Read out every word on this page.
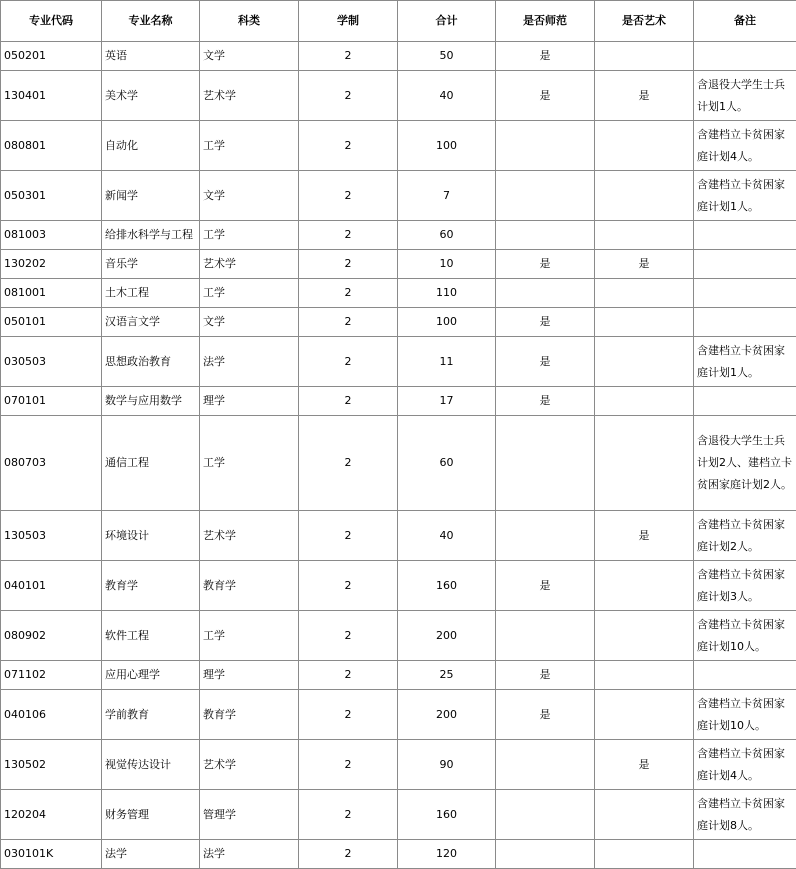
专业代码	专业名称	科类	学制	合计	是否师范	是否艺术	备注
050201	英语	文学	2	50	是		
130401	美术学	艺术学	2	40	是	是	含退役大学生士兵计划1人。
080801	自动化	工学	2	100			含建档立卡贫困家庭计划4人。
050301	新闻学	文学	2	7			含建档立卡贫困家庭计划1人。
081003	给排水科学与工程	工学	2	60			
130202	音乐学	艺术学	2	10	是	是	
081001	土木工程	工学	2	110			
050101	汉语言文学	文学	2	100	是		
030503	思想政治教育	法学	2	11	是		含建档立卡贫困家庭计划1人。
070101	数学与应用数学	理学	2	17	是		
080703	通信工程	工学	2	60			含退役大学生士兵计划2人、建档立卡贫困家庭计划2人。
130503	环境设计	艺术学	2	40		是	含建档立卡贫困家庭计划2人。
040101	教育学	教育学	2	160	是		含建档立卡贫困家庭计划3人。
080902	软件工程	工学	2	200			含建档立卡贫困家庭计划10人。
071102	应用心理学	理学	2	25	是		
040106	学前教育	教育学	2	200	是		含建档立卡贫困家庭计划10人。
130502	视觉传达设计	艺术学	2	90		是	含建档立卡贫困家庭计划4人。
120204	财务管理	管理学	2	160			含建档立卡贫困家庭计划8人。
030101K	法学	法学	2	120			
